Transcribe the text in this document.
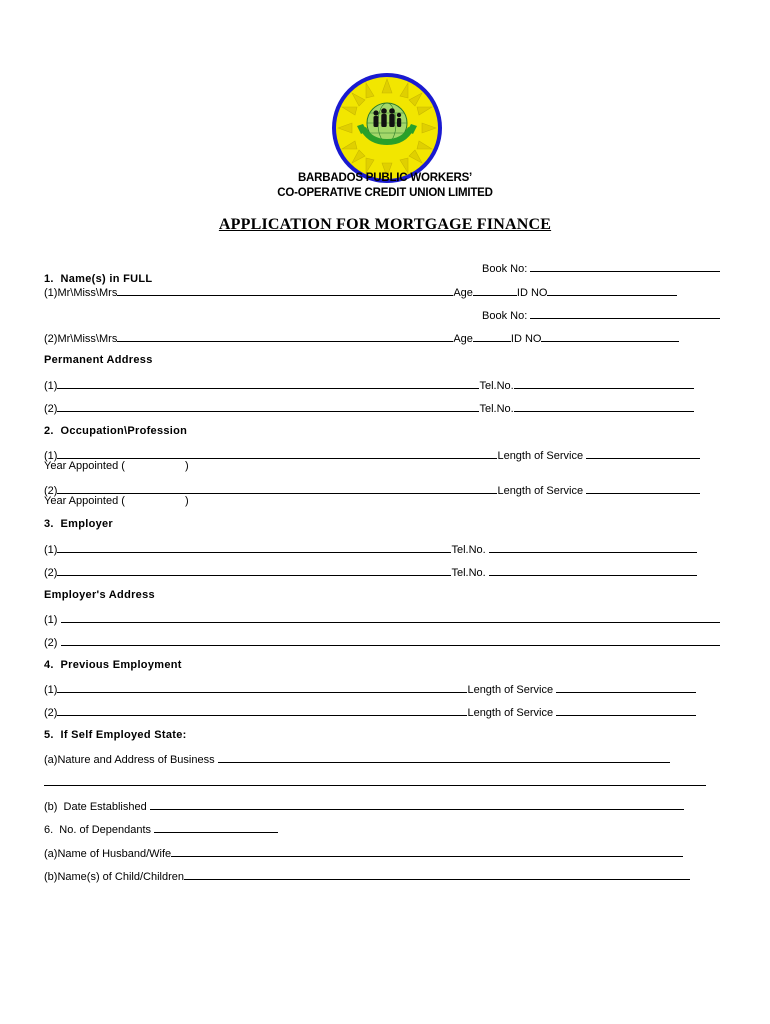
BARBADOS PUBLIC WORKERS’
CO-OPERATIVE CREDIT UNION LIMITED
APPLICATION FOR MORTGAGE FINANCE
Book No:
1.  Name(s) in FULL
(1)Mr\Miss\Mrs	Age	ID NO
Book No:
(2)Mr\Miss\Mrs	Age	ID NO
Permanent Address
(1)	Tel.No.
(2)	Tel.No.
2.  Occupation\Profession
(1)	Length of Service
Year Appointed (	)
(2)	Length of Service
Year Appointed (	)
3.  Employer
(1)	Tel.No.
(2)	Tel.No.
Employer's Address
(1)
(2)
4.  Previous Employment
(1)	Length of Service
(2)	Length of Service
5.  If Self Employed State:
(a)Nature and Address of Business
(b)  Date Established
6.  No. of Dependants
(a)Name of Husband/Wife
(b)Name(s) of Child/Children
